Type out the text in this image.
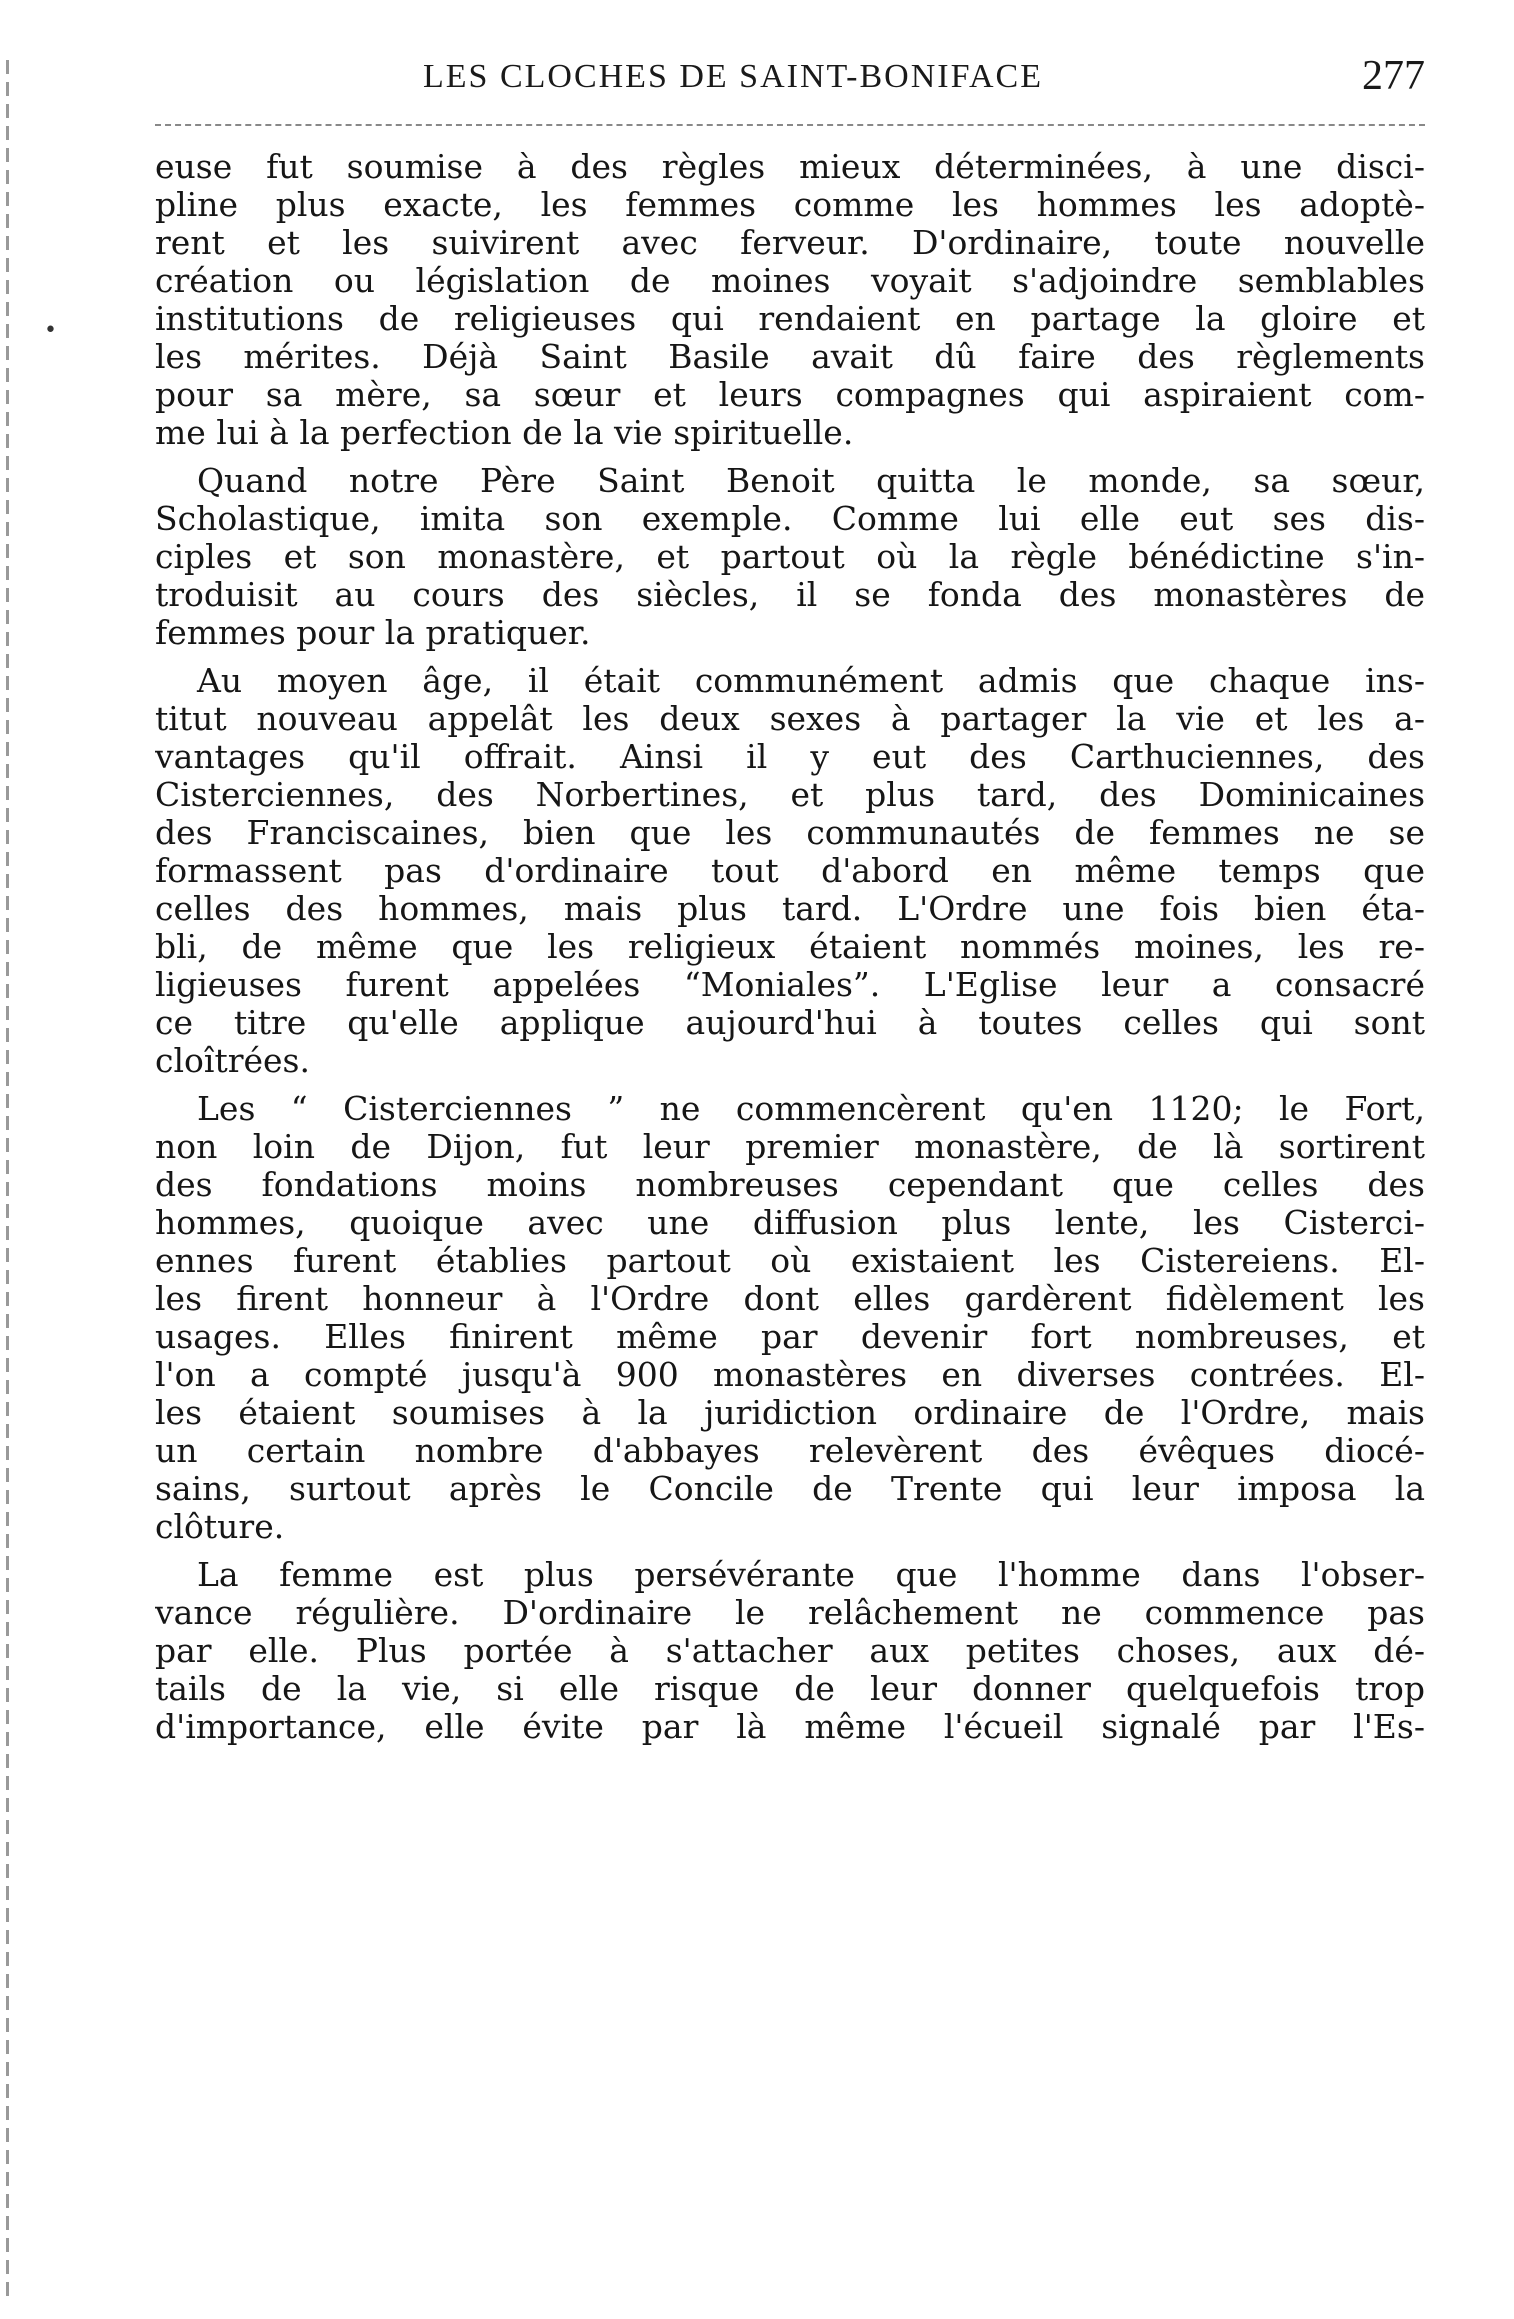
•
LES CLOCHES DE SAINT-BONIFACE	277
euse fut soumise à des règles mieux déterminées, à une disci-
pline plus exacte, les femmes comme les hommes les adoptè-
rent et les suivirent avec ferveur. D'ordinaire, toute nouvelle
création ou législation de moines voyait s'adjoindre semblables
institutions de religieuses qui rendaient en partage la gloire et
les mérites. Déjà Saint Basile avait dû faire des règlements
pour sa mère, sa sœur et leurs compagnes qui aspiraient com-
me lui à la perfection de la vie spirituelle.
Quand notre Père Saint Benoit quitta le monde, sa sœur,
Scholastique, imita son exemple. Comme lui elle eut ses dis-
ciples et son monastère, et partout où la règle bénédictine s'in-
troduisit au cours des siècles, il se fonda des monastères de
femmes pour la pratiquer.
Au moyen âge, il était communément admis que chaque ins-
titut nouveau appelât les deux sexes à partager la vie et les a-
vantages qu'il offrait. Ainsi il y eut des Carthuciennes, des
Cisterciennes, des Norbertines, et plus tard, des Dominicaines
des Franciscaines, bien que les communautés de femmes ne se
formassent pas d'ordinaire tout d'abord en même temps que
celles des hommes, mais plus tard. L'Ordre une fois bien éta-
bli, de même que les religieux étaient nommés moines, les re-
ligieuses furent appelées “Moniales”. L'Eglise leur a consacré
ce titre qu'elle applique aujourd'hui à toutes celles qui sont
cloîtrées.
Les “ Cisterciennes ” ne commencèrent qu'en 1120; le Fort,
non loin de Dijon, fut leur premier monastère, de là sortirent
des fondations moins nombreuses cependant que celles des
hommes, quoique avec une diffusion plus lente, les Cisterci-
ennes furent établies partout où existaient les Cistereiens. El-
les firent honneur à l'Ordre dont elles gardèrent fidèlement les
usages. Elles finirent même par devenir fort nombreuses, et
l'on a compté jusqu'à 900 monastères en diverses contrées. El-
les étaient soumises à la juridiction ordinaire de l'Ordre, mais
un certain nombre d'abbayes relevèrent des évêques diocé-
sains, surtout après le Concile de Trente qui leur imposa la
clôture.
La femme est plus persévérante que l'homme dans l'obser-
vance régulière. D'ordinaire le relâchement ne commence pas
par elle. Plus portée à s'attacher aux petites choses, aux dé-
tails de la vie, si elle risque de leur donner quelquefois trop
d'importance, elle évite par là même l'écueil signalé par l'Es-
